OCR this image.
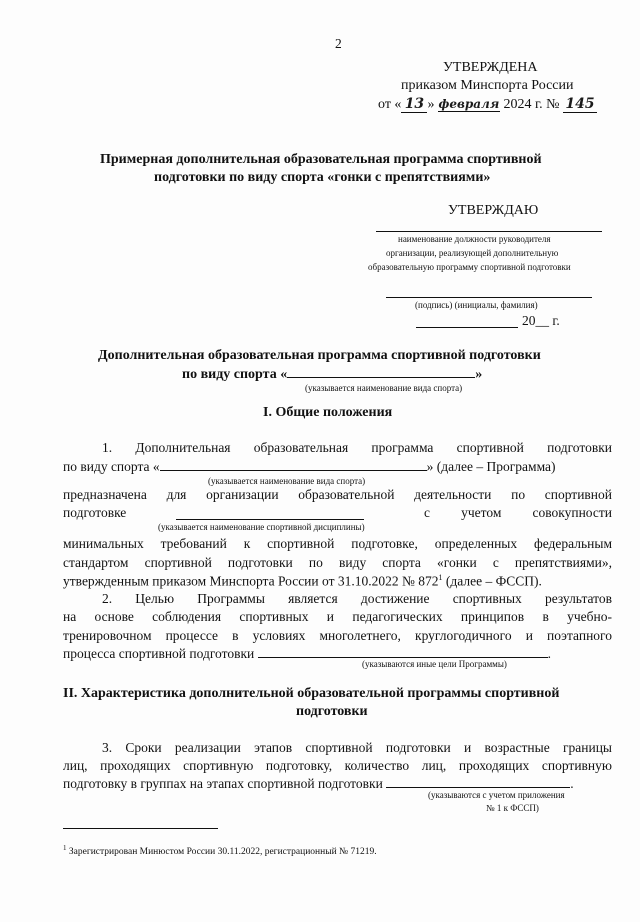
2
УТВЕРЖДЕНА
приказом Минспорта России
от « 13 » февраля 2024 г. № 145
Примерная дополнительная образовательная программа спортивной
подготовки по виду спорта «гонки с препятствиями»
УТВЕРЖДАЮ
наименование должности руководителя
организации, реализующей дополнительную
образовательную программу спортивной подготовки
(подпись) (инициалы, фамилия)
20__ г.
Дополнительная образовательная программа спортивной подготовки
по виду спорта «	»
(указывается наименование вида спорта)
I. Общие положения
1. Дополнительная образовательная программа спортивной подготовки
по виду спорта «	» (далее – Программа)
(указывается наименование вида спорта)
предназначена для организации образовательной деятельности по спортивной
подготовке	с учетом совокупности
(указывается наименование спортивной дисциплины)
минимальных требований к спортивной подготовке, определенных федеральным
стандартом спортивной подготовки по виду спорта «гонки с препятствиями»,
утвержденным приказом Минспорта России от 31.10.2022 № $872^1$ (далее – ФССП).
2. Целью Программы является достижение спортивных результатов
на основе соблюдения спортивных и педагогических принципов в учебно-
тренировочном процессе в условиях многолетнего, круглогодичного и поэтапного
процесса спортивной подготовки	.
(указываются иные цели Программы)
II. Характеристика дополнительной образовательной программы спортивной
подготовки
3. Сроки реализации этапов спортивной подготовки и возрастные границы
лиц, проходящих спортивную подготовку, количество лиц, проходящих спортивную
подготовку в группах на этапах спортивной подготовки	.
(указываются с учетом приложения
№ 1 к ФССП)
$^1$ Зарегистрирован Минюстом России 30.11.2022, регистрационный № 71219.
